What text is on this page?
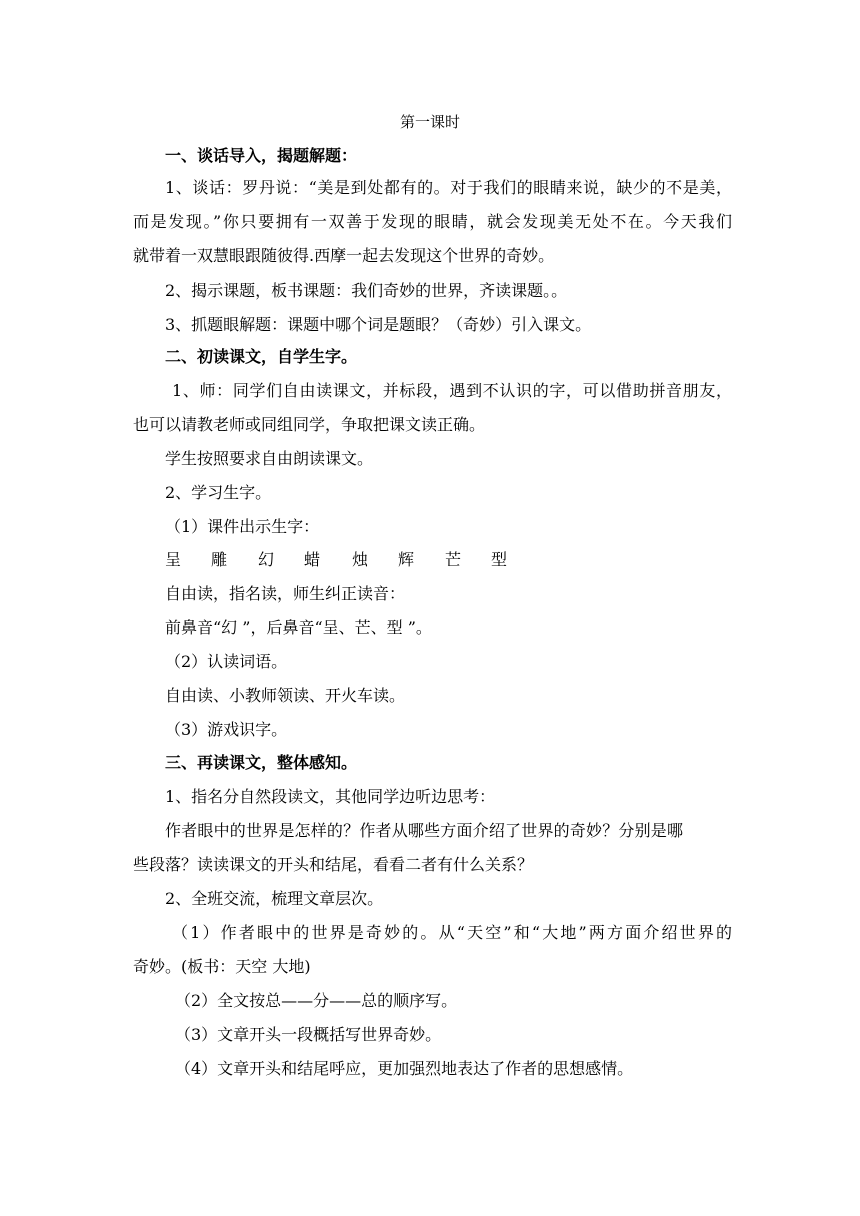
第一课时
一、谈话导入，揭题解题：
1、谈话：罗丹说：“美是到处都有的。对于我们的眼睛来说，缺少的不是美，
而是发现。”你只要拥有一双善于发现的眼睛，就会发现美无处不在。今天我们
就带着一双慧眼跟随彼得.西摩一起去发现这个世界的奇妙。
2、揭示课题，板书课题：我们奇妙的世界，齐读课题。。
3、抓题眼解题：课题中哪个词是题眼？（奇妙）引入课文。
二、初读课文，自学生字。
1、师：同学们自由读课文，并标段，遇到不认识的字，可以借助拼音朋友，
也可以请教老师或同组同学，争取把课文读正确。
学生按照要求自由朗读课文。
2、学习生字。
（1）课件出示生字：
呈 雕 幻 蜡 烛 辉 芒 型
自由读，指名读，师生纠正读音：
前鼻音“幻 ”，后鼻音“呈、芒、型 ”。
（2）认读词语。
自由读、小教师领读、开火车读。
（3）游戏识字。
三、再读课文，整体感知。
1、指名分自然段读文，其他同学边听边思考：
作者眼中的世界是怎样的？作者从哪些方面介绍了世界的奇妙？分别是哪
些段落？读读课文的开头和结尾，看看二者有什么关系？
2、全班交流，梳理文章层次。
（1）作者眼中的世界是奇妙的。从“天空”和“大地”两方面介绍世界的
奇妙。(板书：天空 大地)
（2）全文按总——分——总的顺序写。
（3）文章开头一段概括写世界奇妙。
（4）文章开头和结尾呼应，更加强烈地表达了作者的思想感情。
